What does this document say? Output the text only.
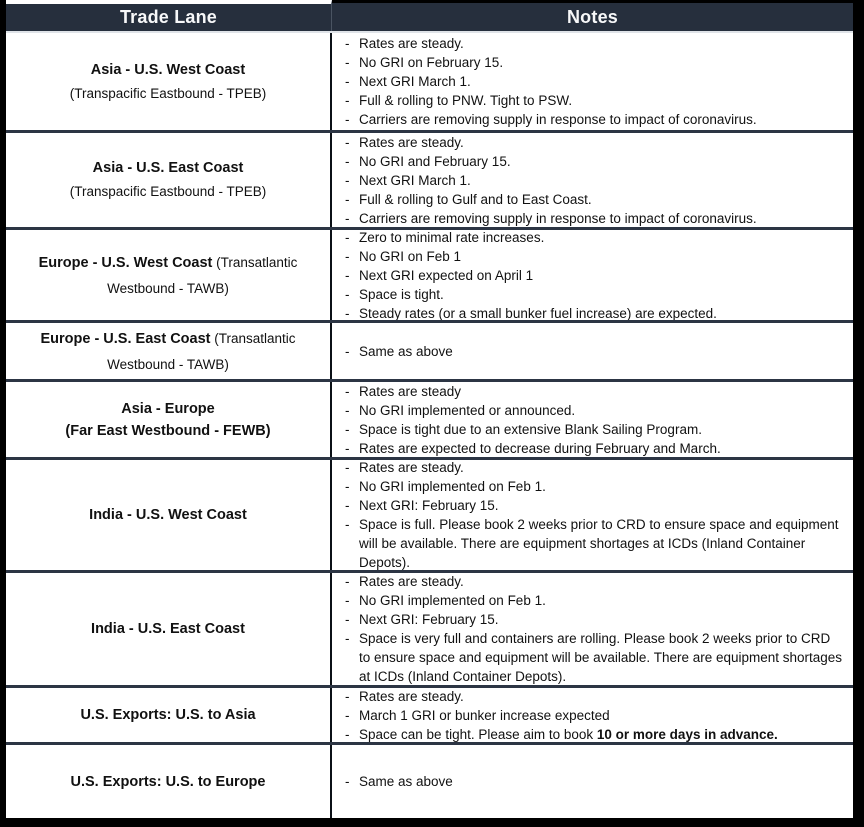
Trade Lane	Notes
Asia - U.S. West Coast
(Transpacific Eastbound - TPEB)
- Rates are steady.
- No GRI on February 15.
- Next GRI March 1.
- Full & rolling to PNW. Tight to PSW.
- Carriers are removing supply in response to impact of coronavirus.
Asia - U.S. East Coast
(Transpacific Eastbound - TPEB)
- Rates are steady.
- No GRI and February 15.
- Next GRI March 1.
- Full & rolling to Gulf and to East Coast.
- Carriers are removing supply in response to impact of coronavirus.
Europe - U.S. West Coast (Transatlantic Westbound - TAWB)
- Zero to minimal rate increases.
- No GRI on Feb 1
- Next GRI expected on April 1
- Space is tight.
- Steady rates (or a small bunker fuel increase) are expected.
Europe - U.S. East Coast (Transatlantic Westbound - TAWB)
- Same as above
Asia - Europe
(Far East Westbound - FEWB)
- Rates are steady
- No GRI implemented or announced.
- Space is tight due to an extensive Blank Sailing Program.
- Rates are expected to decrease during February and March.
India - U.S. West Coast
- Rates are steady.
- No GRI implemented on Feb 1.
- Next GRI: February 15.
- Space is full. Please book 2 weeks prior to CRD to ensure space and equipment will be available. There are equipment shortages at ICDs (Inland Container Depots).
India - U.S. East Coast
- Rates are steady.
- No GRI implemented on Feb 1.
- Next GRI: February 15.
- Space is very full and containers are rolling. Please book 2 weeks prior to CRD to ensure space and equipment will be available. There are equipment shortages at ICDs (Inland Container Depots).
U.S. Exports: U.S. to Asia
- Rates are steady.
- March 1 GRI or bunker increase expected
- Space can be tight. Please aim to book 10 or more days in advance.
U.S. Exports: U.S. to Europe	- Same as above
